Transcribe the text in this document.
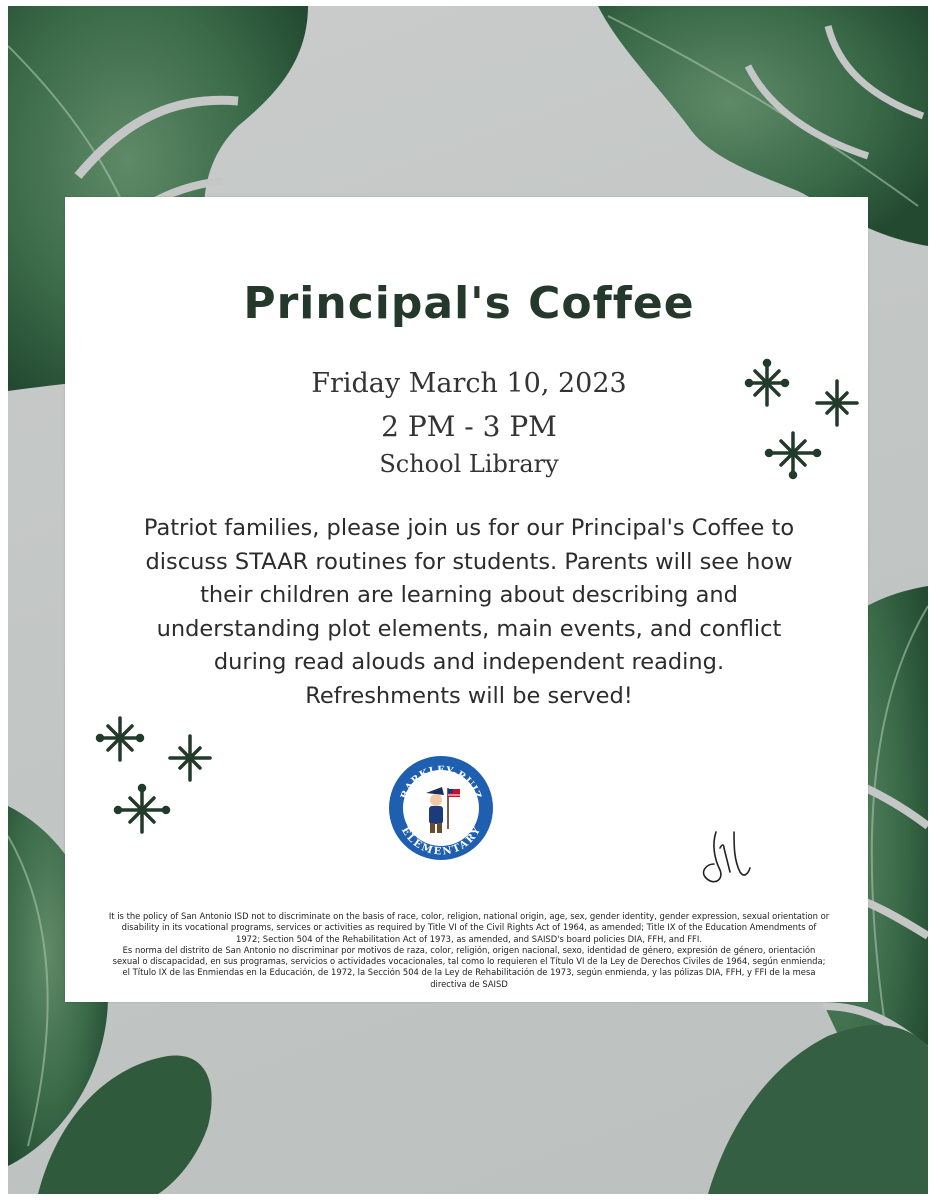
Principal's Coffee
Friday March 10, 2023
2 PM - 3 PM
School Library
Patriot families, please join us for our Principal's Coffee to
discuss STAAR routines for students. Parents will see how
their children are learning about describing and
understanding plot elements, main events, and conflict
during read alouds and independent reading.
Refreshments will be served!
BARKLEY-RUIZ
ELEMENTARY
It is the policy of San Antonio ISD not to discriminate on the basis of race, color, religion, national origin, age, sex, gender identity, gender expression, sexual orientation or
disability in its vocational programs, services or activities as required by Title VI of the Civil Rights Act of 1964, as amended; Title IX of the Education Amendments of
1972; Section 504 of the Rehabilitation Act of 1973, as amended, and SAISD's board policies DIA, FFH, and FFI.
Es norma del distrito de San Antonio no discriminar por motivos de raza, color, religión, origen nacional, sexo, identidad de género, expresión de género, orientación
sexual o discapacidad, en sus programas, servicios o actividades vocacionales, tal como lo requieren el Título VI de la Ley de Derechos Civiles de 1964, según enmienda;
el Título IX de las Enmiendas en la Educación, de 1972, la Sección 504 de la Ley de Rehabilitación de 1973, según enmienda, y las pólizas DIA, FFH, y FFI de la mesa
directiva de SAISD
